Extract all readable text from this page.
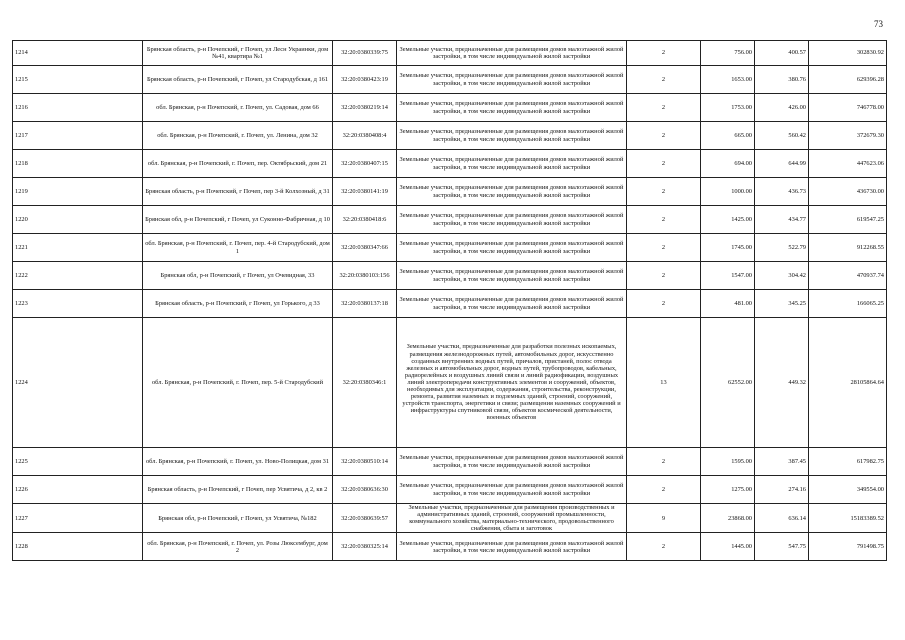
73
1214	Брянская область, р-н Почепский, г Почеп, ул Лесн Украинки, дом №41, квартира №1	32:20:0380339:75	Земельные участки, предназначенные для размещения домов малоэтажной жилой застройки, в том числе индивидуальной жилой застройки	2	756.00	400.57	302830.92
1215	Брянская область, р-н Почепский, г Почеп, ул Стародубская, д 161	32:20:0380423:19	Земельные участки, предназначенные для размещения домов малоэтажной жилой застройки, в том числе индивидуальной жилой застройки	2	1653.00	380.76	629396.28
1216	обл. Брянская, р-н Почепский, г. Почеп, ул. Садовая, дом 66	32:20:0380219:14	Земельные участки, предназначенные для размещения домов малоэтажной жилой застройки, в том числе индивидуальной жилой застройки	2	1753.00	426.00	746778.00
1217	обл. Брянская, р-н Почепский, г. Почеп, ул. Ленина, дом 32	32:20:0380408:4	Земельные участки, предназначенные для размещения домов малоэтажной жилой застройки, в том числе индивидуальной жилой застройки	2	665.00	560.42	372679.30
1218	обл. Брянская, р-н Почепский, г. Почеп, пер. Октябрьский, дом 21	32:20:0380407:15	Земельные участки, предназначенные для размещения домов малоэтажной жилой застройки, в том числе индивидуальной жилой застройки	2	694.00	644.99	447623.06
1219	Брянская область, р-н Почепский, г Почеп, пер 3-й Колхозный, д 31	32:20:0380141:19	Земельные участки, предназначенные для размещения домов малоэтажной жилой застройки, в том числе индивидуальной жилой застройки	2	1000.00	436.73	436730.00
1220	Брянская обл, р-н Почепский, г Почеп, ул Суконно-Фабричная, д 10	32:20:0380418:6	Земельные участки, предназначенные для размещения домов малоэтажной жилой застройки, в том числе индивидуальной жилой застройки	2	1425.00	434.77	619547.25
1221	обл. Брянская, р-н Почепский, г. Почеп, пер. 4-й Стародубский, дом 1	32:20:0380347:66	Земельные участки, предназначенные для размещения домов малоэтажной жилой застройки, в том числе индивидуальной жилой застройки	2	1745.00	522.79	912268.55
1222	Брянская обл, р-н Почепский, г Почеп, ул Очевидная, 33	32:20:0380103:156	Земельные участки, предназначенные для размещения домов малоэтажной жилой застройки, в том числе индивидуальной жилой застройки	2	1547.00	304.42	470937.74
1223	Брянская область, р-н Почепский, г Почеп, ул Горького, д 33	32:20:0380137:18	Земельные участки, предназначенные для размещения домов малоэтажной жилой застройки, в том числе индивидуальной жилой застройки	2	481.00	345.25	166065.25
1224	обл. Брянская, р-н Почепский, г. Почеп, пер. 5-й Стародубский	32:20:0380346:1	Земельные участки, предназначенные для разработки полезных ископаемых, размещения железнодорожных путей, автомобильных дорог, искусственно созданных внутренних водных путей, причалов, пристаней, полос отвода железных и автомобильных дорог, водных путей, трубопроводов, кабельных, радиорелейных и воздушных линий связи и линий радиофикации, воздушных линий электропередачи конструктивных элементов и сооружений, объектов, необходимых для эксплуатации, содержания, строительства, реконструкции, ремонта, развития наземных и подземных зданий, строений, сооружений, устройств транспорта, энергетики и связи; размещения наземных сооружений и инфраструктуры спутниковой связи, объектов космической деятельности, военных объектов	13	62552.00	449.32	28105864.64
1225	обл. Брянская, р-н Почепский, г. Почеп, ул. Ново-Полицкая, дом 31	32:20:0380510:14	Земельные участки, предназначенные для размещения домов малоэтажной жилой застройки, в том числе индивидуальной жилой застройки	2	1595.00	387.45	617982.75
1226	Брянская область, р-н Почепский, г Почеп, пер Усвятича, д 2, кв 2	32:20:0380636:30	Земельные участки, предназначенные для размещения домов малоэтажной жилой застройки, в том числе индивидуальной жилой застройки	2	1275.00	274.16	349554.00
1227	Брянская обл, р-н Почепский, г Почеп, ул Усвятича, №182	32:20:0380639:57	Земельные участки, предназначенные для размещения производственных и административных зданий, строений, сооружений промышленности, коммунального хозяйства, материально-технического, продовольственного снабжения, сбыта и заготовок	9	23868.00	636.14	15183389.52
1228	обл. Брянская, р-н Почепский, г. Почеп, ул. Розы Люксембург, дом 2	32:20:0380325:14	Земельные участки, предназначенные для размещения домов малоэтажной жилой застройки, в том числе индивидуальной жилой застройки	2	1445.00	547.75	791498.75
